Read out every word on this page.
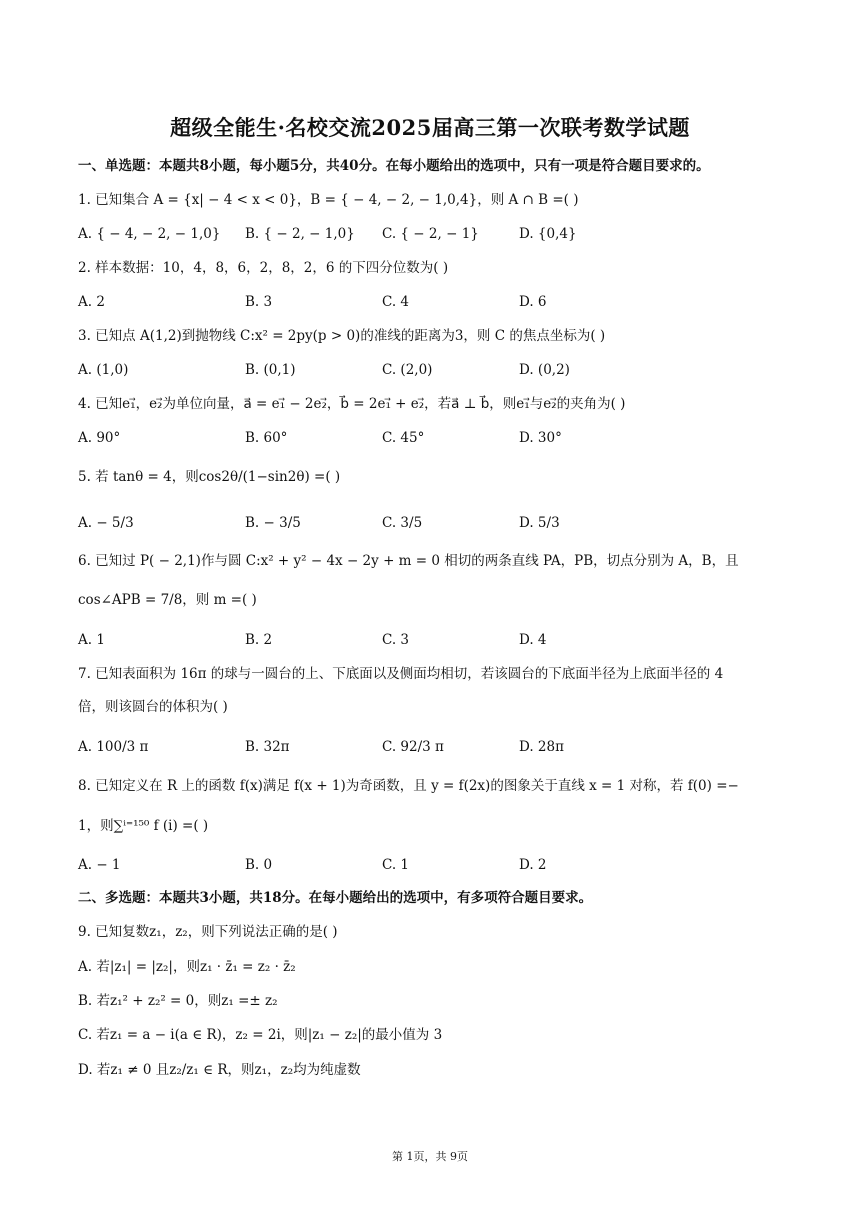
超级全能生·名校交流2025届高三第一次联考数学试题
一、单选题：本题共8小题，每小题5分，共40分。在每小题给出的选项中，只有一项是符合题目要求的。
1. 已知集合 A = {x| − 4 < x < 0}，B = { − 4, − 2, − 1,0,4}，则 A ∩ B =( )
A. { − 4, − 2, − 1,0} B. { − 2, − 1,0} C. { − 2, − 1}	D. {0,4}
2. 样本数据：10，4，8，6，2，8，2，6 的下四分位数为( )
A. 2	B. 3	C. 4	D. 6
3. 已知点 A(1,2)到抛物线 C:x² = 2py(p > 0)的准线的距离为3，则 C 的焦点坐标为( )
A. (1,0)	B. (0,1)	C. (2,0)	D. (0,2)
4. 已知e₁⃗，e₂⃗为单位向量，a⃗ = e₁⃗ − 2e₂⃗，b⃗ = 2e₁⃗ + e₂⃗，若a⃗ ⊥ b⃗，则e₁⃗与e₂⃗的夹角为( )
A. 90°	B. 60°	C. 45°	D. 30°
5. 若 tanθ = 4，则cos2θ/(1−sin2θ) =( )
A. − 5/3	B. − 3/5	C. 3/5	D. 5/3
6. 已知过 P( − 2,1)作与圆 C:x² + y² − 4x − 2y + m = 0 相切的两条直线 PA，PB，切点分别为 A，B，且
cos∠APB = 7/8，则 m =( )
A. 1	B. 2	C. 3	D. 4
7. 已知表面积为 16π 的球与一圆台的上、下底面以及侧面均相切，若该圆台的下底面半径为上底面半径的 4
倍，则该圆台的体积为( )
A. 100/3 π	B. 32π	C. 92/3 π	D. 28π
8. 已知定义在 R 上的函数 f(x)满足 f(x + 1)为奇函数，且 y = f(2x)的图象关于直线 x = 1 对称，若 f(0) =−
1，则∑ⁱ⁼¹⁵⁰ f (i) =( )
A. − 1	B. 0	C. 1	D. 2
二、多选题：本题共3小题，共18分。在每小题给出的选项中，有多项符合题目要求。
9. 已知复数z₁，z₂，则下列说法正确的是( )
A. 若|z₁| = |z₂|，则z₁ · z̄₁ = z₂ · z̄₂
B. 若z₁² + z₂² = 0，则z₁ =± z₂
C. 若z₁ = a − i(a ∈ R)，z₂ = 2i，则|z₁ − z₂|的最小值为 3
D. 若z₁ ≠ 0 且z₂/z₁ ∈ R，则z₁，z₂均为纯虚数
第 1页，共 9页
